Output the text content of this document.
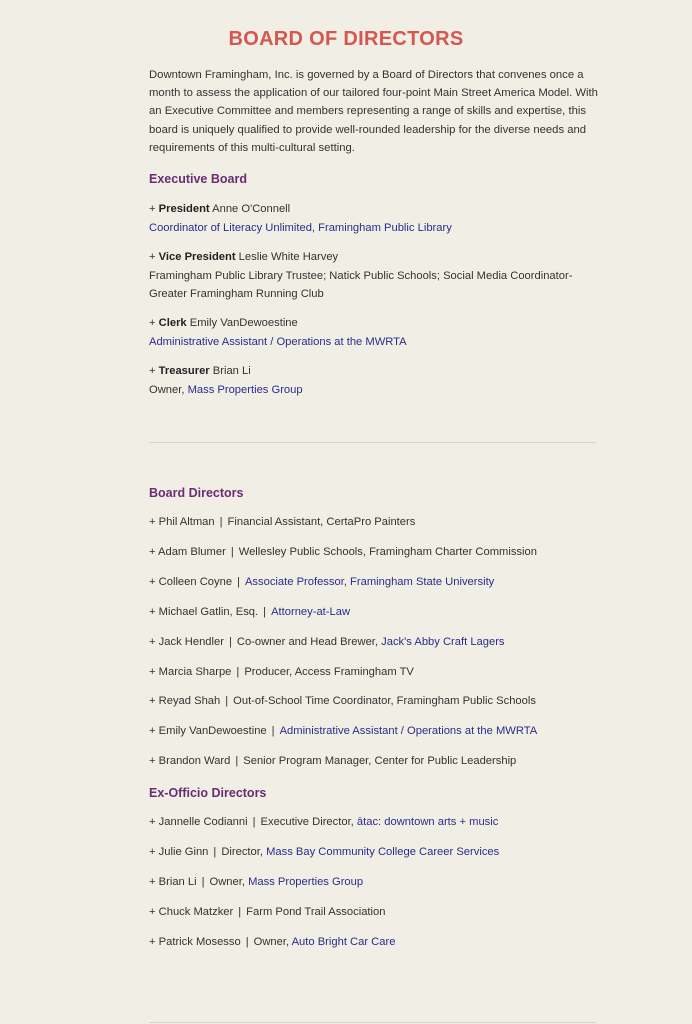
BOARD OF DIRECTORS

Downtown Framingham, Inc. is governed by a Board of Directors that convenes once a month to assess the application of our tailored four-point Main Street America Model. With an Executive Committee and members representing a range of skills and expertise, this board is uniquely qualified to provide well-rounded leadership for the diverse needs and requirements of this multi-cultural setting.

Executive Board
+ President Anne O'Connell
Coordinator of Literacy Unlimited, Framingham Public Library
+ Vice President Leslie White Harvey
Framingham Public Library Trustee; Natick Public Schools; Social Media Coordinator-Greater Framingham Running Club
+ Clerk Emily VanDewoestine
Administrative Assistant / Operations at the MWRTA
+ Treasurer Brian Li
Owner, Mass Properties Group
Board Directors
+ Phil Altman | Financial Assistant, CertaPro Painters
+ Adam Blumer | Wellesley Public Schools, Framingham Charter Commission
+ Colleen Coyne | Associate Professor, Framingham State University
+ Michael Gatlin, Esq. | Attorney-at-Law
+ Jack Hendler | Co-owner and Head Brewer, Jack's Abby Craft Lagers
+ Marcia Sharpe | Producer, Access Framingham TV
+ Reyad Shah | Out-of-School Time Coordinator, Framingham Public Schools
+ Emily VanDewoestine | Administrative Assistant / Operations at the MWRTA
+ Brandon Ward | Senior Program Manager, Center for Public Leadership
Ex-Officio Directors
+ Jannelle Codianni | Executive Director, ātac: downtown arts + music
+ Julie Ginn | Director, Mass Bay Community College Career Services
+ Brian Li | Owner, Mass Properties Group
+ Chuck Matzker | Farm Pond Trail Association
+ Patrick Mosesso | Owner, Auto Bright Car Care
